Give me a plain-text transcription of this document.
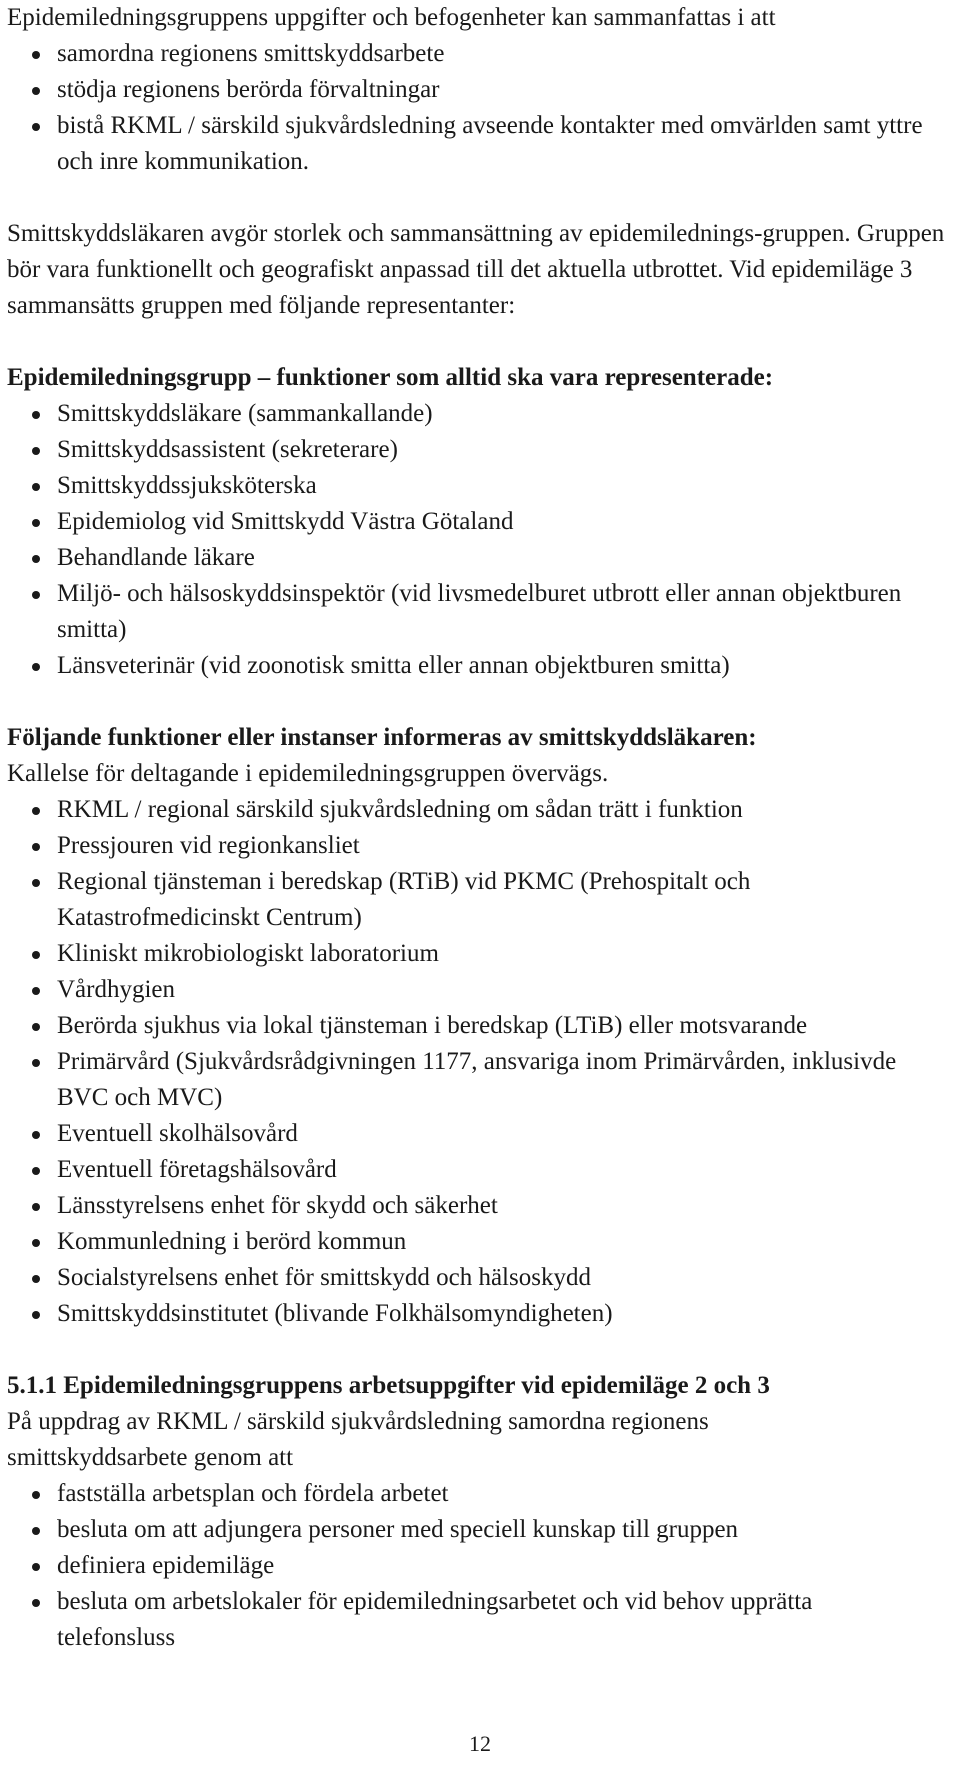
Epidemiledningsgruppens uppgifter och befogenheter kan sammanfattas i att

samordna regionens smittskyddsarbete
stödja regionens berörda förvaltningar
bistå RKML / särskild sjukvårdsledning avseende kontakter med omvärlden samt yttre och inre kommunikation.

Smittskyddsläkaren avgör storlek och sammansättning av epidemilednings-gruppen. Gruppen bör vara funktionellt och geografiskt anpassad till det aktuella utbrottet. Vid epidemiläge 3 sammansätts gruppen med följande representanter:

Epidemiledningsgrupp – funktioner som alltid ska vara representerade:

Smittskyddsläkare (sammankallande)
Smittskyddsassistent (sekreterare)
Smittskyddssjuksköterska
Epidemiolog vid Smittskydd Västra Götaland
Behandlande läkare
Miljö- och hälsoskyddsinspektör (vid livsmedelburet utbrott eller annan objektburen smitta)
Länsveterinär (vid zoonotisk smitta eller annan objektburen smitta)

Följande funktioner eller instanser informeras av smittskyddsläkaren:

Kallelse för deltagande i epidemiledningsgruppen övervägs.

RKML / regional särskild sjukvårdsledning om sådan trätt i funktion
Pressjouren vid regionkansliet
Regional tjänsteman i beredskap (RTiB) vid PKMC (Prehospitalt och Katastrofmedicinskt Centrum)
Kliniskt mikrobiologiskt laboratorium
Vårdhygien
Berörda sjukhus via lokal tjänsteman i beredskap (LTiB) eller motsvarande
Primärvård (Sjukvårdsrådgivningen 1177, ansvariga inom Primärvården, inklusivde BVC och MVC)
Eventuell skolhälsovård
Eventuell företagshälsovård
Länsstyrelsens enhet för skydd och säkerhet
Kommunledning i berörd kommun
Socialstyrelsens enhet för smittskydd och hälsoskydd
Smittskyddsinstitutet (blivande Folkhälsomyndigheten)

5.1.1 Epidemiledningsgruppens arbetsuppgifter vid epidemiläge 2 och 3

På uppdrag av RKML / särskild sjukvårdsledning samordna regionens smittskyddsarbete genom att

fastställa arbetsplan och fördela arbetet
besluta om att adjungera personer med speciell kunskap till gruppen
definiera epidemiläge
besluta om arbetslokaler för epidemiledningsarbetet och vid behov upprätta telefonsluss
12
